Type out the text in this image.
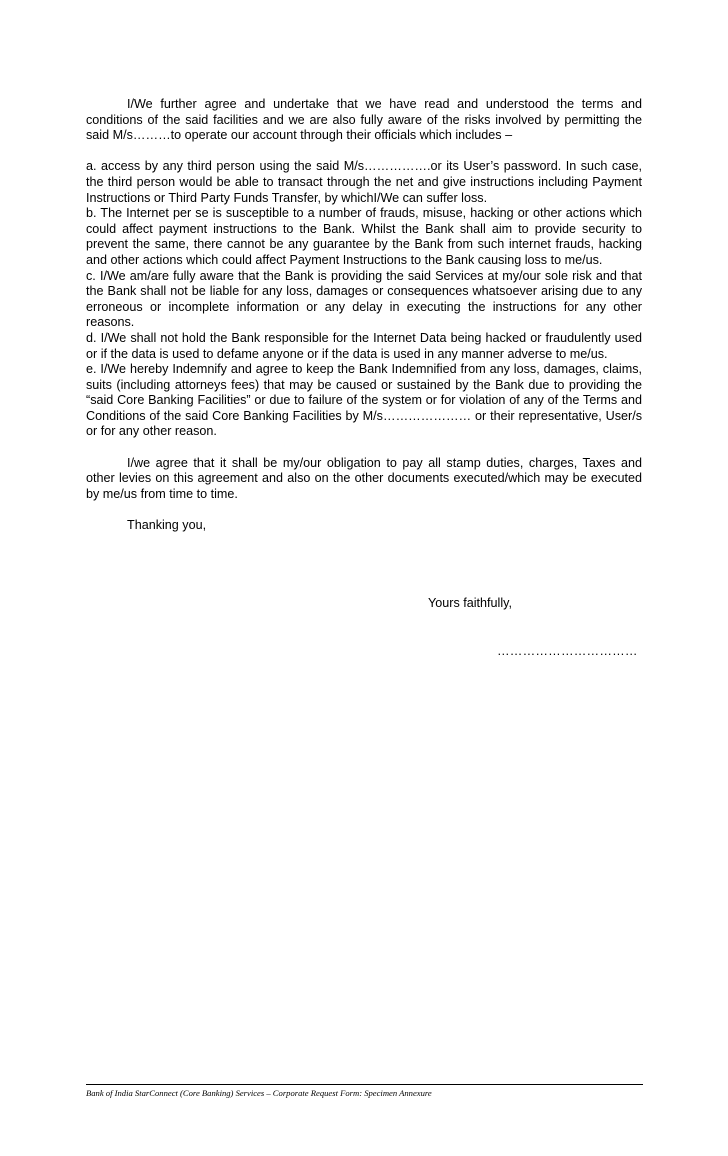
I/We further agree and undertake that we have read and understood the terms and conditions of the said facilities and we are also fully aware of the risks involved by permitting the said M/s………to operate our account through their officials which includes –

a. access by any third person using the said M/s…………….or its User’s password. In such case, the third person would be able to transact through the net and give instructions including Payment Instructions or Third Party Funds Transfer, by whichI/We can suffer loss.

b. The Internet per se is susceptible to a number of frauds, misuse, hacking or other actions which could affect payment instructions to the Bank. Whilst the Bank shall aim to provide security to prevent the same, there cannot be any guarantee by the Bank from such internet frauds, hacking and other actions which could affect Payment Instructions to the Bank causing loss to me/us.

c. I/We am/are fully aware that the Bank is providing the said Services at my/our sole risk and that the Bank shall not be liable for any loss, damages or consequences whatsoever arising due to any erroneous or incomplete information or any delay in executing the instructions for any other reasons.

d. I/We shall not hold the Bank responsible for the Internet Data being hacked or fraudulently used or if the data is used to defame anyone or if the data is used in any manner adverse to me/us.

e. I/We hereby Indemnify and agree to keep the Bank Indemnified from any loss, damages, claims, suits (including attorneys fees) that may be caused or sustained by the Bank due to providing the “said Core Banking Facilities” or due to failure of the system or for violation of any of the Terms and Conditions of the said Core Banking Facilities by M/s………………… or their representative, User/s or for any other reason.

I/we agree that it shall be my/our obligation to pay all stamp duties, charges, Taxes and other levies on this agreement and also on the other documents executed/which may be executed by me/us from time to time.

Thanking you,

Yours faithfully,
……………………………
Bank of India StarConnect (Core Banking) Services – Corporate Request Form: Specimen Annexure
